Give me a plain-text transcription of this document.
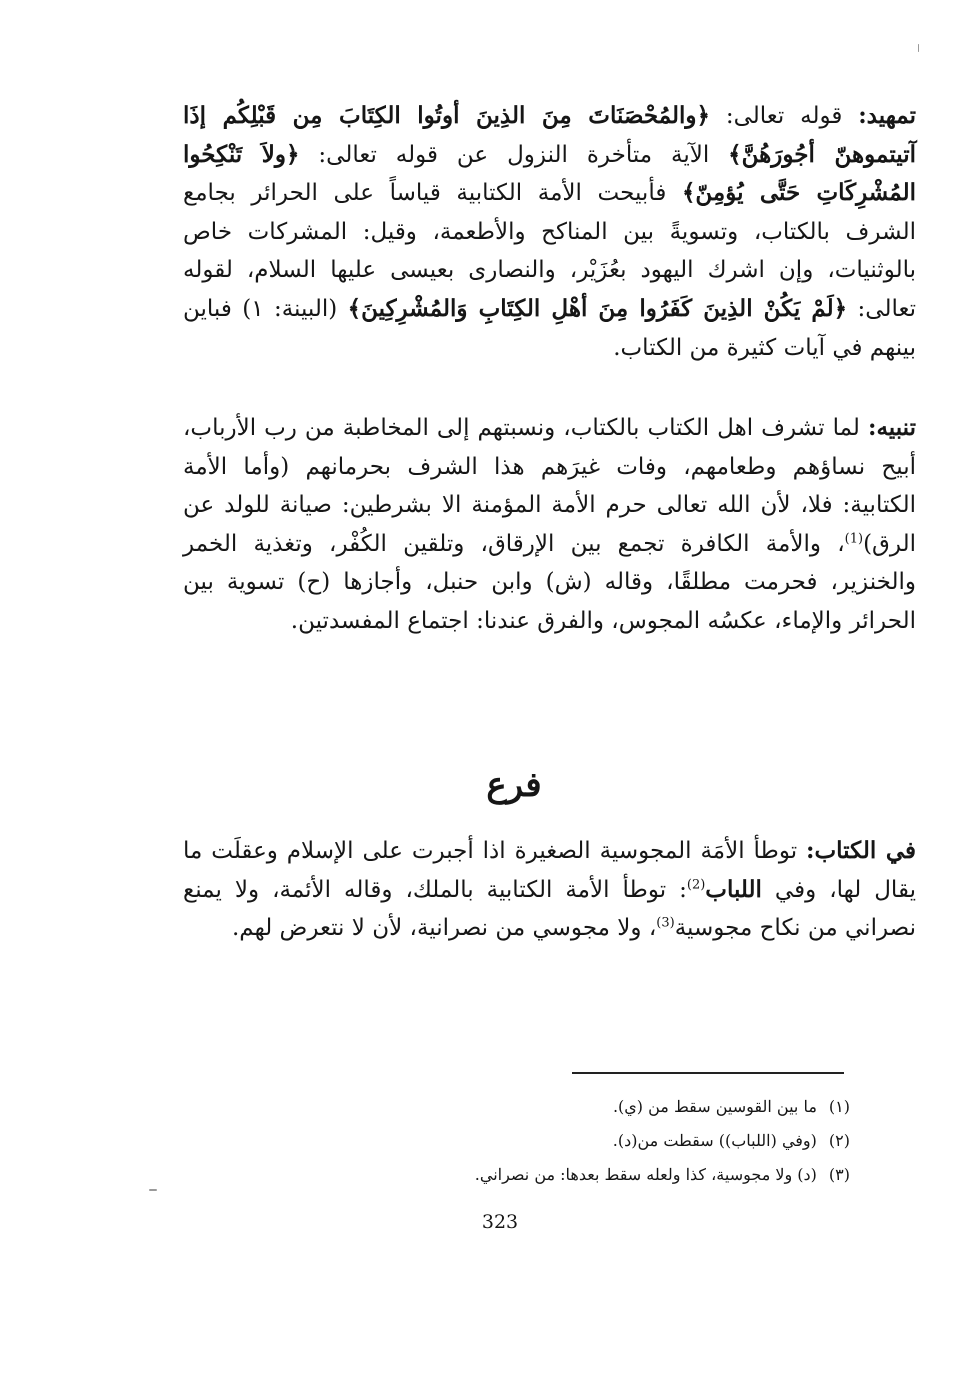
تمهيد: قوله تعالى: ﴿والمُحْصَنَاتَ مِنَ الذِينَ أوتُوا الكِتَابَ مِن قَبْلِكُم إذَا آتيتموهنّ أجُورَهُنَّ﴾ الآية متأخرة النزول عن قوله تعالى: ﴿ولاَ تَنْكِحُوا المُشْرِكَاتِ حَتَّى يُؤمِنّ﴾ فأبيحت الأمة الكتابية قياساً على الحرائر بجامع الشرف بالكتاب، وتسويةً بين المناكح والأطعمة، وقيل: المشركات خاص بالوثنيات، وإن اشرك اليهود بعُزَيْر، والنصارى بعيسى عليها السلام، لقوله تعالى: ﴿لَمْ يَكُنْ الذِينَ كَفَرُوا مِنَ أهْلِ الكِتَابِ وَالمُشْرِكِينَ﴾ (البينة: ١) فباين بينهم في آيات كثيرة من الكتاب.

تنبيه: لما تشرف اهل الكتاب بالكتاب، ونسبتهم إلى المخاطبة من رب الأرباب، أبيح نساؤهم وطعامهم، وفات غيرَهم هذا الشرف بحرمانهم (وأما الأمة الكتابية: فلا، لأن الله تعالى حرم الأمة المؤمنة الا بشرطين: صيانة للولد عن الرق)$^{(1)}$، والأمة الكافرة تجمع بين الإرقاق، وتلقين الكُفْر، وتغذية الخمر والخنزير، فحرمت مطلقًا، وقاله (ش) وابن حنبل، وأجازها (ح) تسوية بين الحرائر والإماء، عكسُه المجوس، والفرق عندنا: اجتماع المفسدتين.

فرع

في الكتاب: توطأ الأمَة المجوسية الصغيرة اذا أجبرت على الإسلام وعقلَت ما يقال لها، وفي اللباب$^{(2)}$: توطأ الأمة الكتابية بالملك، وقاله الأئمة، ولا يمنع نصراني من نكاح مجوسية$^{(3)}$، ولا مجوسي من نصرانية، لأن لا نتعرض لهم.

(١)ما بين القوسين سقط من (ي).
(٢)(وفي (اللباب)) سقطت من(د).
(٣)(د) ولا مجوسية، كذا ولعله سقط بعدها: من نصراني.
323
